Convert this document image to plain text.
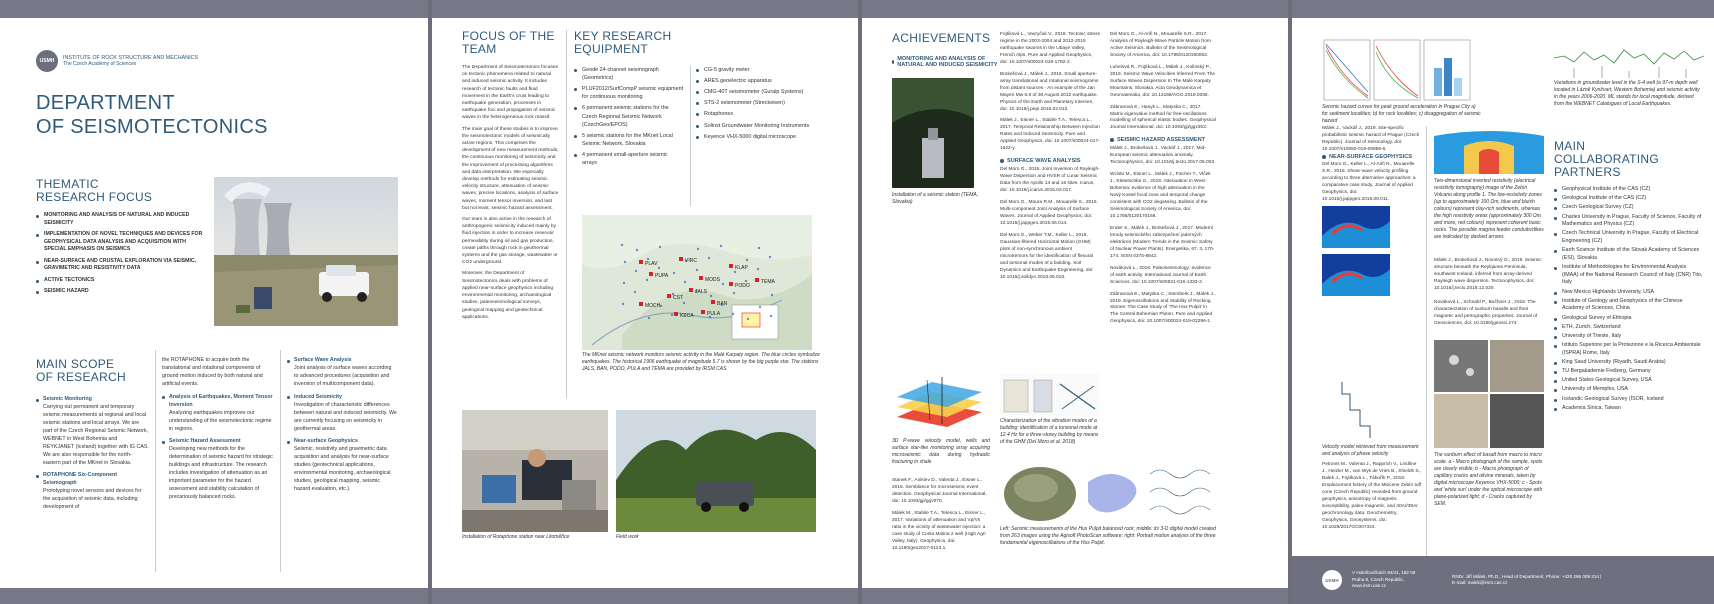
USMH	INSTITUTE OF ROCK STRUCTURE AND MECHANICS
The Czech Academy of Sciences
DEPARTMENT
OF SEISMOTECTONICS
THEMATIC
RESEARCH FOCUS
MONITORING AND ANALYSIS OF NATURAL AND INDUCED SEISMICITY
IMPLEMENTATION OF NOVEL TECHNIQUES AND DEVICES FOR GEOPHYSICAL DATA ANALYSIS AND ACQUISITION WITH SPECIAL EMPHASIS ON SEISMICS
NEAR-SURFACE AND CRUSTAL EXPLORATION VIA SEISMIC, GRAVIMETRIC AND RESISTIVITY DATA
ACTIVE TECTONICS
SEISMIC HAZARD
MAIN SCOPE
OF RESEARCH
Seismic Monitoring
Carrying out permanent and temporary seismic measurements at regional and local seismic stations and local arrays. We are part of the Czech Regional Seismic Network, WEBNET in West Bohemia and REYKJANET (Iceland) together with IG CAS. We are also responsible for the north-eastern part of the MKnet in Slovakia.
ROTAPHONE Six-Component Seismograph
Prototyping novel sensors and devices for the acquisition of seismic data, including development of
the ROTAPHONE to acquire both the translational and rotational components of ground motion induced by both natural and artificial events.
Analysis of Earthquakes, Moment Tensor Inversion
Analyzing earthquakes improves our understanding of the seismotectonic regime in regions.
Seismic Hazard Assessment
Developing new methods for the determination of seismic hazard for strategic buildings and infrastructure. The research includes investigation of attenuation as an important parameter for the hazard assessment and stability calculation of precariously balanced rocks.
Surface Wave Analysis
Joint analysis of surface waves according to advanced procedures (acquisition and inversion of multicomponent data).
Induced Seismicity
Investigation of characteristic differences between natural and induced seismicity. We are currently focusing on seismicity in geothermal areas.
Near-surface Geophysics
Seismic, resistivity and gravimetric data acquisition and analysis for near-surface studies (geotechnical applications, environmental monitoring, archaeological studies, geological mapping, seismic hazard evaluation, etc.).
FOCUS OF THE
TEAM

The Department of Seismotectonics focuses on tectonic phenomena related to natural and induced seismic activity. It includes research of tectonic faults and fluid movement in the Earth's crust leading to earthquake generation, processes in earthquake foci and propagation of seismic waves in the heterogeneous rock massif.

The main goal of these studies is to improve the seismotectonic models of seismically active regions. This comprises the development of new measurement methods, the continuous monitoring of seismicity and the improvement of processing algorithms and data interpretation. We especially develop methods for estimating seismic velocity structure, attenuation of seismic waves, precise locations, analysis of surface waves, moment tensor inversion, and last but not least, seismic hazard assessment.

Our team is also active in the research of anthropogenic seismicity induced mainly by fluid injection in order to increase reservoir permeability during oil and gas production, create paths through rock in geothermal systems and the gas storage, wastewater or CO2 underground.

Moreover, the Department of Seismotectonics deals with problems of applied near-surface geophysics including environmental monitoring, archaeological studies, paleoseismological surveys, geological mapping and geotechnical applications.

KEY RESEARCH
EQUIPMENT
Geode 24-channel seismograph (Geometrics)
PLUF2012/SurfCompP seismic equipment for continuous monitoring
6 permanent seismic stations for the Czech Regional Seismic Network (CzechGeo/EPOS)
5 seismic stations for the MKnet Local Seismic Network, Slovakia
4 permanent small-aperture seismic arrays
CG-5 gravity meter
ARES geoelectric apparatus
CMG-40T seismometer (Guralp Systems)
STS-2 seismometer (Streckeisen)
Rotaphones
Solinst Groundwater Monitoring Instruments
Keyence VHX-5000 digital microscope
PLAV	VIRC
KLAP
MODS
CST
PUPA
JALS
BAN
PODO
TEMA
PULA
KECA
MOCH
The MKnet seismic network monitors seismic activity in the Malé Karpaty region. The blue circles symbolize earthquakes. The historical 1906 earthquake of magnitude 5.7 is shown by the big purple star. The stations JALS, BAN, PODO, PULA and TEMA are provided by IRSM CAS.
Installation of Rotaphone station near Litoměřice	Field work
ACHIEVEMENTS
MONITORING AND ANALYSIS OF NATURAL AND INDUCED SEISMICITY
Installation of a seismic station (TEMA, Slovakia)
3D P-wave velocity model, wells and surface star-like monitoring array acquiring microseismic data during hydraulic fracturing in shale
Stanek F., Anikiev D., Valenta J., Eisner L., 2015. Semblance for microseismic event detection. Geophysical Journal International, doi: 10.1093/gji/ggv070.
Málek M., Stabile T.A., Telesca L., Eisner L., 2017. Variations of attenuation and Vp/Vs ratio in the vicinity of wastewater injection: a case study of Costa Molina 2 well (High Agri Valley, Italy). Geophysics, doi: 10.1190/geo2017-0123.1.
Fojtíková L., Vavryčuk V., 2018. Tectonic stress regime in the 2003-2004 and 2012-2015 earthquake swarms in the Ubaye Valley, French Alps. Pure and Applied Geophysics, doi: 10.1007/s00024-018-1792-2.
Brokešová J., Málek J., 2016. Small aperture-array translational and rotational seismograms from distant sources - An example of the Jan Mayen Mw 6.8 of 30 August 2012 earthquake. Physics of the Earth and Planetary Interiors, doi: 10.1016/j.pepi.2016.02.013.
Málek J., Eisner L., Stabile T.A., Telesca L., 2017. Temporal Relationship Between Injection Rates and Induced Seismicity. Pure and Applied Geophysics, doi: 10.1007/s00024-017-1622-y.
SURFACE WAVE ANALYSIS
Del Moro G., 2015. Joint Inversion of Rayleigh-Wave Dispersion and HVSR of Lunar Seismic Data from the Apollo 14 and 16 sites. Icarus, doi: 10.1016/j.icarus.2015.03.017.
Del Moro G., Moura R.M., Mouarelle S., 2015. Multi-component Joint Analysis of Surface Waves. Journal of Applied Geophysics, doi: 10.1016/j.jappgeo.2015.06.014.
Del Moro G., Weber T.M., Keller L., 2018. Gaussian-filtered Horizontal Motion (GHM) plots of non-synchronous ambient microtremors for the identification of flexural and torsional modes of a building. Soil Dynamics and Earthquake Engineering, doi: 10.1016/j.soildyn.2018.05.018.
Characterization of the vibration modes of a building: identification of a torsional mode at 12.4 Hz for a three-storey building by means of the GHM (Del Moro et al. 2018)
Del Moro G., Al-Arifi N., Mouarelle S.R., 2017. Analysis of Rayleigh-Wave Particle Motion from Active Seismics. Bulletin of the Seismological Society of America, doi: 10.1785/0120160063.
Luhelová R., Fojtíková L., Málek J., Kolínský P., 2019. Seismic Wave Velocities Inferred From The Surface Waves Dispersion In The Malé Karpaty Mountains, Slovakia. Acta Geodynamica et Geomaterialia, doi: 10.13168/AGG.2019.0038.
Zábranová E., Hanyk L., Matyska C., 2017. Matrix eigenvalue method for free-oscillations modelling of spherical elastic bodies. Geophysical Journal International, doi: 10.1093/gji/ggx353.
SEISMIC HAZARD ASSESSMENT
Málek J., Brokešová J., Vackář J., 2017. Mid-European seismic attenuation anomaly. Tectonophysics, doi: 10.1016/j.tecto.2017.06.003.
Wcisło M., Eisner L., Málek J., Fischer T., Vlček J., Kletetschka G., 2018. Attenuation in West-Bohemia: evidence of high attenuation in the Nový Kostel focal zone and temporal change consistent with CO2 degassing. Bulletin of the Seismological Society of America, doi: 10.1785/0120170168.
Ender S., Málek J., Brokešová J., 2017. Moderní trendy seismického zabezpečení jaderných elektráren (Modern Trends in the Seismic Safety of Nuclear Power Plants). Energetika, 67, 3, 170-174. ISSN 0375-8842.
Nováková L., 2016. Paleoseismology: evidence of earth activity. International Journal of Earth Sciences, doi: 10.1007/s00531-016-1333-2.
Zábranová E., Matyska C., Stemberk J., Málek J., 2019. Eigenoscillations and Stability of Rocking Stones: The Case Study of 'The Hus Pulpit' in The Central Bohemian Pluton. Pure and Applied Geophysics, doi: 10.1007/s00024-019-02296-z.
Left: Seismic measurements of the Hus Pulpit balanced rock; middle: its 3-D digital model created from 263 images using the Agisoft PhotoScan software; right: Portrait motion analysis of the three fundamental eigenoscillations of the Hus Pulpit.
Seismic hazard curves for peak ground acceleration in Prague City a) for sediment localities; b) for rock localities; c) disaggregation of seismic hazard
Variations in groundwater level in the S-4 well (a 97-m depth well located in Lázně Kynžvart, Western Bohemia) and seismic activity in the years 2006-2020. ML stands for local magnitude, derived from the WEBNET Catalogues of Local Earthquakes.
Málek J., Vackář J., 2019. Site-specific probabilistic seismic hazard of Prague (Czech Republic). Journal of Seismology, doi: 10.1007/s10950-019-09859-6.
NEAR-SURFACE GEOPHYSICS
Del Moro G., Keller L., Al-Arifi N., Mouarelle S.R., 2016. Shear-wave velocity profiling according to three alternative approaches: a comparative case study. Journal of Applied Geophysics, doi: 10.1016/j.jappgeo.2016.09.011.
Velocity model retrieved from measurement and analysis of phase velocity
Petronis M., Valenta J., Rapprich V., Lindline J., Heizler M., van Wyk de Vries B., Shields S., Balek J., Fojtíková L., Tábořík P., 2018. Emplacement history of the Miocene Zebín tuff cone (Czech Republic) revealed from ground geophysics, anisotropy of magnetic susceptibility, paleo-magnetic, and 40Ar/39Ar geochronology data. Geochemistry, Geophysics, Geosystems, doi: 10.1029/2017GC007324.
Two-dimensional inverted resistivity (electrical resistivity tomography) image of the Zebín Volcano along profile 1. The low-resistivity zones (up to approximately 100 Ωm, blue and bluish colours) represent clay-rich sediments, whereas the high resistivity areas (approximately 300 Ωm and more, red colours) represent coherent basic rocks. The possible magma feeder conduits/dikes are indicated by dashed arrows.
Málek J., Brokešová J., Novotný O., 2019. Seismic structure beneath the Reykjanes Peninsula, southwest Iceland, inferred from array-derived Rayleigh wave dispersion. Tectonophysics, doi: 10.1016/j.tecto.2018.12.020.
Nováková L., Schnabl P., Bučhner J., 2018. The characterization of sunburn basalts and their magnetic and petrographic properties. Journal of Geosciences, doi: 10.3190/jgeosci.274.
The sunburn effect of basalt from macro to micro scale. a - Macro photograph of the sample, spots are clearly visible; b - Macro photograph of capillary cracks and olivine minerals, taken by digital microscope Keyence VHX-5000; c - Spots and 'white sun' under the optical microscope with plane-polarized light; d - Cracks captured by SEM.
MAIN
COLLABORATING
PARTNERS
Geophysical Institute of the CAS (CZ)
Geological Institute of the CAS (CZ)
Czech Geological Survey (CZ)
Charles University in Prague, Faculty of Science, Faculty of Mathematics and Physics (CZ)
Czech Technical University in Prague, Faculty of Electrical Engineering (CZ)
Earth Science Institute of the Slovak Academy of Sciences (ESI), Slovakia
Institute of Methodologies for Environmental Analysis (IMAA) of the National Research Council of Italy (CNR) Tito, Italy
New Mexico Highlands University, USA
Institute of Geology and Geophysics of the Chinese Academy of Sciences, China
Geological Survey of Ethiopia
ETH, Zurich, Switzerland
University of Trieste, Italy
Istituto Superiore per la Protezione e la Ricerca Ambientale (ISPRA) Rome, Italy
King Saud University (Riyadh, Saudi Arabia)
TU Bergakademie Freiberg, Germany
United States Geological Survey, USA
University of Memphis, USA
Icelandic Geological Survey (ÍSOR, Iceland
Academia Sinica, Taiwan
USMH
V Holešovičkách 94/41, 182 09 Praha 8, Czech Republic, www.irsm.cas.cz
RNDr. Jiří Málek, Ph.D., Head of Department, Phone: +420 266 009 314 | E-mail: malek@irsm.cas.cz
